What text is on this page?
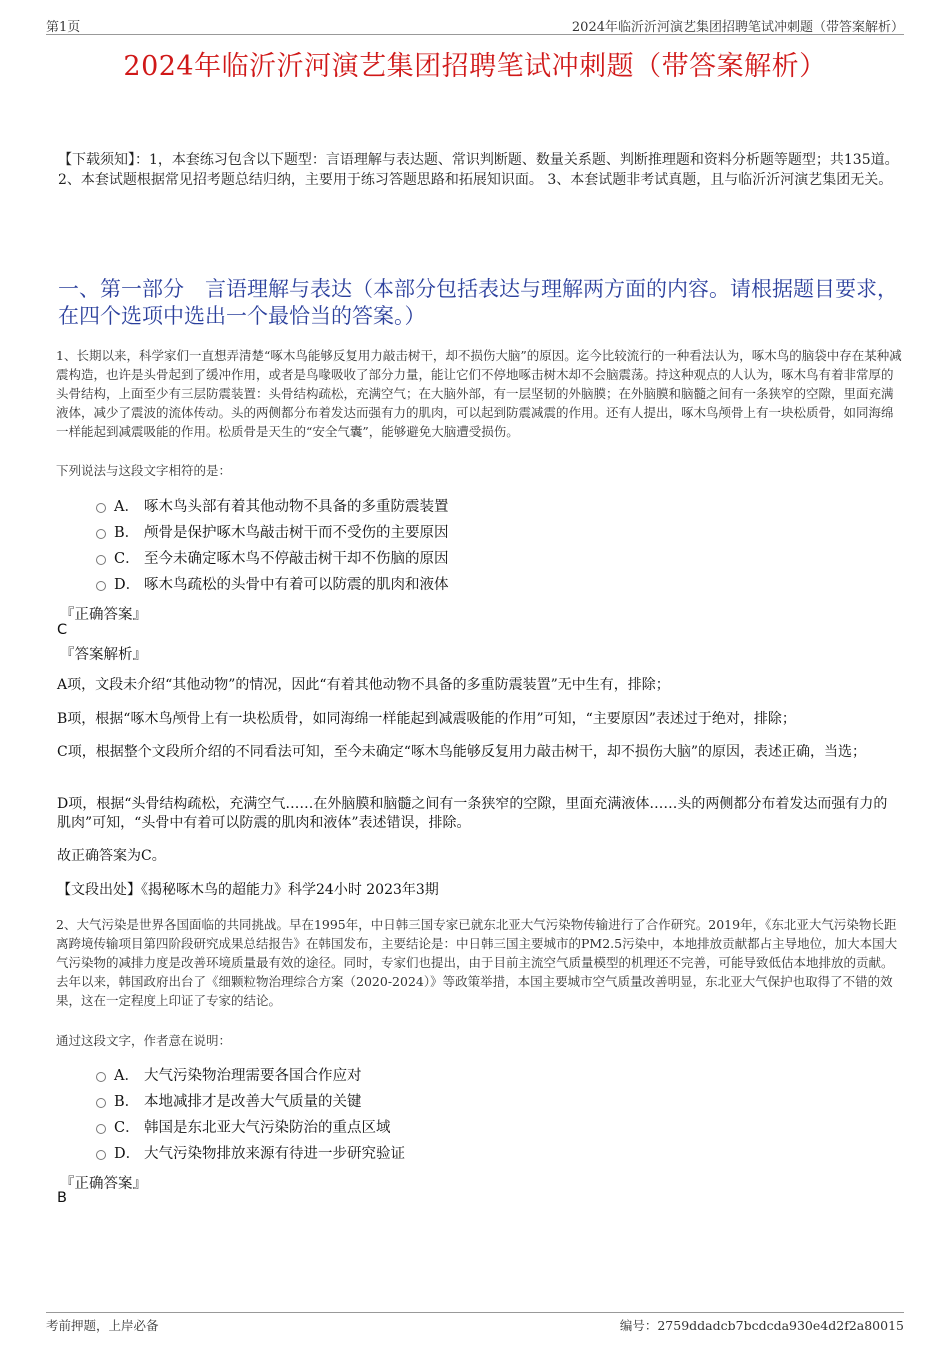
第1页	2024年临沂沂河演艺集团招聘笔试冲刺题（带答案解析）
2024年临沂沂河演艺集团招聘笔试冲刺题（带答案解析）
【下载须知】：1，本套练习包含以下题型：言语理解与表达题、常识判断题、数量关系题、判断推理题和资料分析题等题型；共135道。 2、本套试题根据常见招考题总结归纳，主要用于练习答题思路和拓展知识面。 3、本套试题非考试真题，且与临沂沂河演艺集团无关。
一、第一部分　言语理解与表达（本部分包括表达与理解两方面的内容。请根据题目要求，在四个选项中选出一个最恰当的答案。）
1、长期以来，科学家们一直想弄清楚“啄木鸟能够反复用力敲击树干，却不损伤大脑”的原因。迄今比较流行的一种看法认为，啄木鸟的脑袋中存在某种减震构造，也许是头骨起到了缓冲作用，或者是鸟喙吸收了部分力量，能让它们不停地啄击树木却不会脑震荡。持这种观点的人认为，啄木鸟有着非常厚的头骨结构，上面至少有三层防震装置：头骨结构疏松，充满空气；在大脑外部，有一层坚韧的外脑膜；在外脑膜和脑髓之间有一条狭窄的空隙，里面充满液体，减少了震波的流体传动。头的两侧都分布着发达而强有力的肌肉，可以起到防震减震的作用。还有人提出，啄木鸟颅骨上有一块松质骨，如同海绵一样能起到减震吸能的作用。松质骨是天生的“安全气囊”，能够避免大脑遭受损伤。
下列说法与这段文字相符的是：
A． 啄木鸟头部有着其他动物不具备的多重防震装置
B． 颅骨是保护啄木鸟敲击树干而不受伤的主要原因
C． 至今未确定啄木鸟不停敲击树干却不伤脑的原因
D． 啄木鸟疏松的头骨中有着可以防震的肌肉和液体
『正确答案』
C
『答案解析』
A项，文段未介绍“其他动物”的情况，因此“有着其他动物不具备的多重防震装置”无中生有，排除；
B项，根据“啄木鸟颅骨上有一块松质骨，如同海绵一样能起到减震吸能的作用”可知，“主要原因”表述过于绝对，排除；
C项，根据整个文段所介绍的不同看法可知，至今未确定“啄木鸟能够反复用力敲击树干，却不损伤大脑”的原因，表述正确，当选；
D项，根据“头骨结构疏松，充满空气……在外脑膜和脑髓之间有一条狭窄的空隙，里面充满液体……头的两侧都分布着发达而强有力的肌肉”可知，“头骨中有着可以防震的肌肉和液体”表述错误，排除。
故正确答案为C。
【文段出处】《揭秘啄木鸟的超能力》科学24小时 2023年3期
2、大气污染是世界各国面临的共同挑战。早在1995年，中日韩三国专家已就东北亚大气污染物传输进行了合作研究。2019年，《东北亚大气污染物长距离跨境传输项目第四阶段研究成果总结报告》在韩国发布，主要结论是：中日韩三国主要城市的PM2.5污染中，本地排放贡献都占主导地位，加大本国大气污染物的减排力度是改善环境质量最有效的途径。同时，专家们也提出，由于目前主流空气质量模型的机理还不完善，可能导致低估本地排放的贡献。去年以来，韩国政府出台了《细颗粒物治理综合方案（2020-2024）》等政策举措，本国主要城市空气质量改善明显，东北亚大气保护也取得了不错的效果，这在一定程度上印证了专家的结论。
通过这段文字，作者意在说明：
A． 大气污染物治理需要各国合作应对
B． 本地减排才是改善大气质量的关键
C． 韩国是东北亚大气污染防治的重点区域
D． 大气污染物排放来源有待进一步研究验证
『正确答案』
B
考前押题，上岸必备	编号：2759ddadcb7bcdcda930e4d2f2a80015
